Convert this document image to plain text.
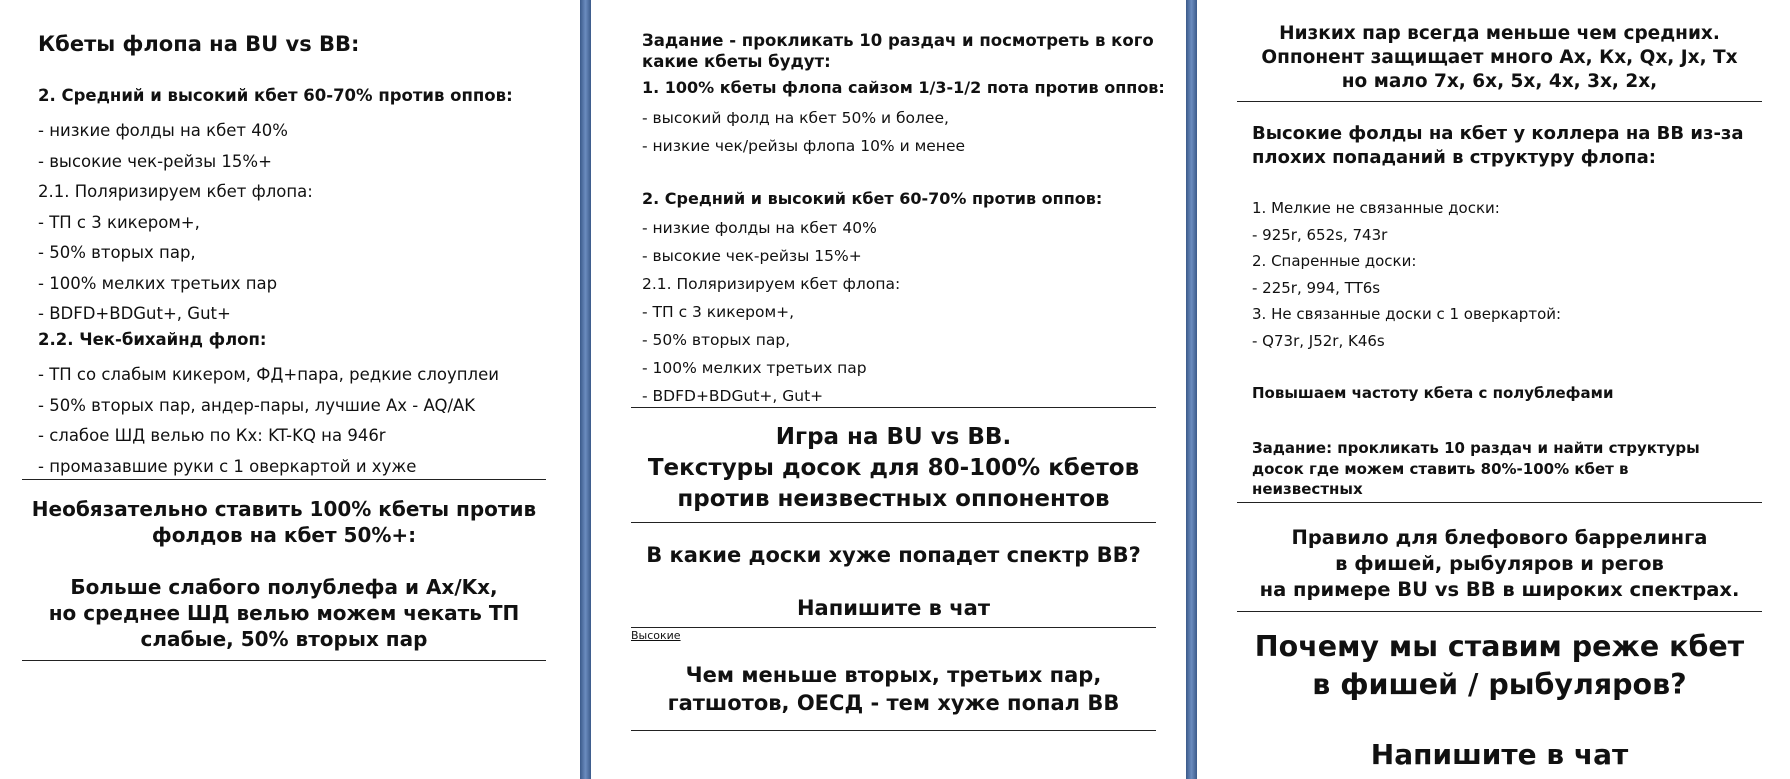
Кбеты флопа на BU vs BB:
2. Средний и высокий кбет 60-70% против оппов:
- низкие фолды на кбет 40%
- высокие чек-рейзы 15%+
2.1. Поляризируем кбет флопа:
- ТП с 3 кикером+,
- 50% вторых пар,
- 100% мелких третьих пар
- BDFD+BDGut+, Gut+
2.2. Чек-бихайнд флоп:
- ТП со слабым кикером, ФД+пара, редкие слоуплеи
- 50% вторых пар, андер-пары, лучшие Ах - AQ/AK
- слабое ШД велью по Кх: KT-KQ на 946r
- промазавшие руки с 1 оверкартой и хуже
Необязательно ставить 100% кбеты против
фолдов на кбет 50%+:
Больше слабого полублефа и Ax/Kx,
но среднее ШД велью можем чекать ТП
слабые, 50% вторых пар
Задание - прокликать 10 раздач и посмотреть в кого
какие кбеты будут:
1. 100% кбеты флопа сайзом 1/3-1/2 пота против оппов:
- высокий фолд на кбет 50% и более,
- низкие чек/рейзы флопа 10% и менее
2. Средний и высокий кбет 60-70% против оппов:
- низкие фолды на кбет 40%
- высокие чек-рейзы 15%+
2.1. Поляризируем кбет флопа:
- ТП с 3 кикером+,
- 50% вторых пар,
- 100% мелких третьих пар
- BDFD+BDGut+, Gut+
Игра на BU vs BB.
Текстуры досок для 80-100% кбетов
против неизвестных оппонентов
В какие доски хуже попадет спектр BB?
Напишите в чат
Высокие
Чем меньше вторых, третьих пар,
гатшотов, ОЕСД - тем хуже попал BB
Низких пар всегда меньше чем средних.
Оппонент защищает много Ах, Кх, Qx, Jx, Tx
но мало 7х, 6х, 5х, 4х, 3х, 2х,
Высокие фолды на кбет у коллера на BB из-за
плохих попаданий в структуру флопа:
1. Мелкие не связанные доски:
- 925r, 652s, 743r
2. Спаренные доски:
- 225r, 994, TT6s
3. Не связанные доски с 1 оверкартой:
- Q73r, J52r, K46s
Повышаем частоту кбета с полублефами
Задание: прокликать 10 раздач и найти структуры
досок где можем ставить 80%-100% кбет в
неизвестных
Правило для блефового баррелинга
в фишей, рыбуляров и регов
на примере BU vs BB в широких спектрах.
Почему мы ставим реже кбет
в фишей / рыбуляров?
Напишите в чат
